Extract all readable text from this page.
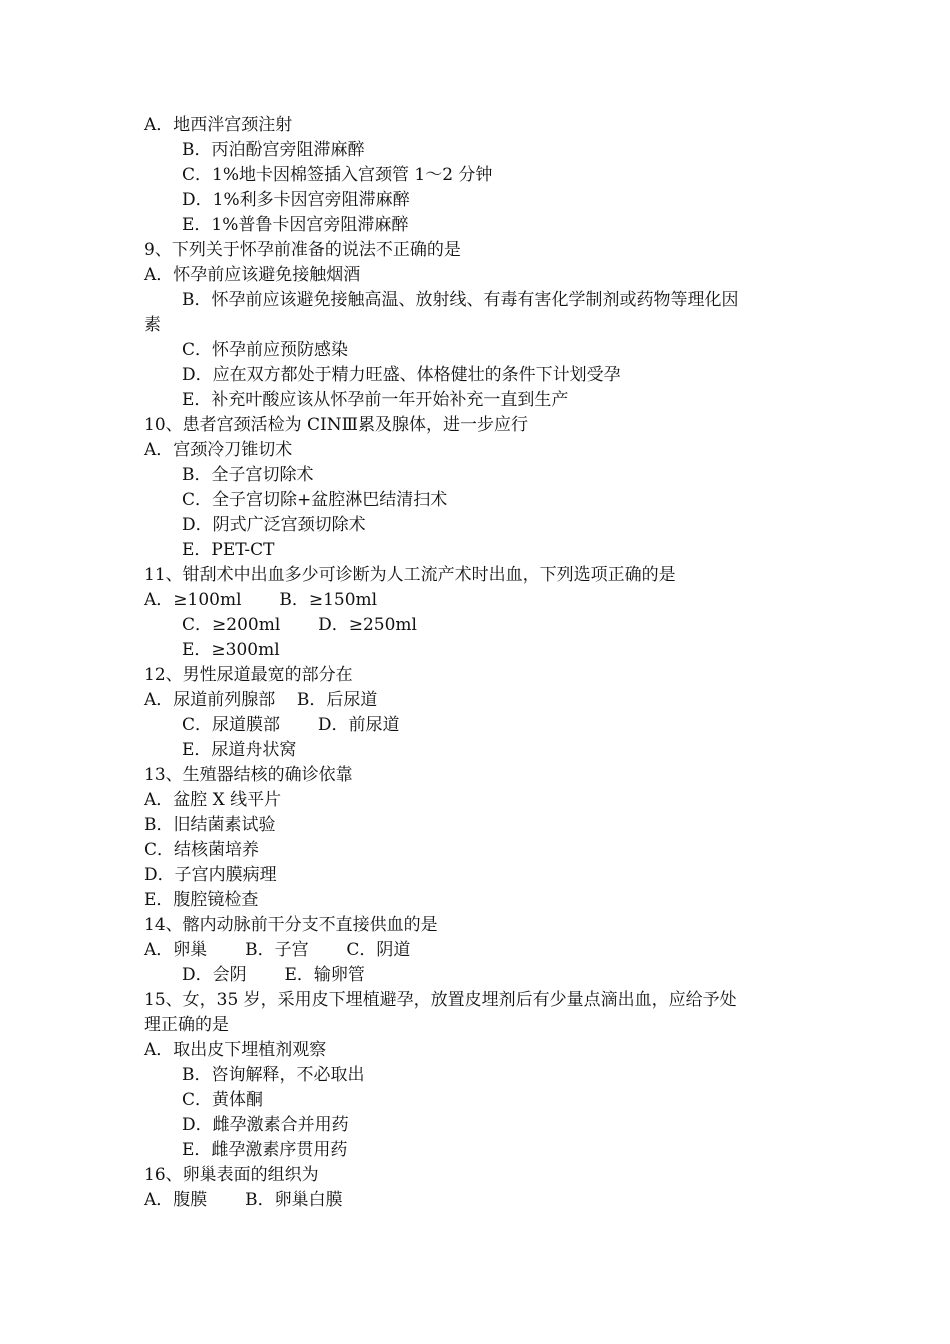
A．地西泮宫颈注射
B．丙泊酚宫旁阻滞麻醉
C．1%地卡因棉签插入宫颈管 1～2 分钟
D．1%利多卡因宫旁阻滞麻醉
E．1%普鲁卡因宫旁阻滞麻醉
9、下列关于怀孕前准备的说法不正确的是
A．怀孕前应该避免接触烟酒
B．怀孕前应该避免接触高温、放射线、有毒有害化学制剂或药物等理化因
素
C．怀孕前应预防感染
D．应在双方都处于精力旺盛、体格健壮的条件下计划受孕
E．补充叶酸应该从怀孕前一年开始补充一直到生产
10、患者宫颈活检为 CINⅢ累及腺体，进一步应行
A．宫颈冷刀锥切术
B．全子宫切除术
C．全子宫切除+盆腔淋巴结清扫术
D．阴式广泛宫颈切除术
E．PET-CT
11、钳刮术中出血多少可诊断为人工流产术时出血，下列选项正确的是
A．≥100ml       B．≥150ml
C．≥200ml       D．≥250ml
E．≥300ml
12、男性尿道最宽的部分在
A．尿道前列腺部    B．后尿道
C．尿道膜部       D．前尿道
E．尿道舟状窝
13、生殖器结核的确诊依靠
A．盆腔 X 线平片
B．旧结菌素试验
C．结核菌培养
D．子宫内膜病理
E．腹腔镜检查
14、髂内动脉前干分支不直接供血的是
A．卵巢       B．子宫       C．阴道
D．会阴       E．输卵管
15、女，35 岁，采用皮下埋植避孕，放置皮埋剂后有少量点滴出血，应给予处
理正确的是
A．取出皮下埋植剂观察
B．咨询解释，不必取出
C．黄体酮
D．雌孕激素合并用药
E．雌孕激素序贯用药
16、卵巢表面的组织为
A．腹膜       B．卵巢白膜
